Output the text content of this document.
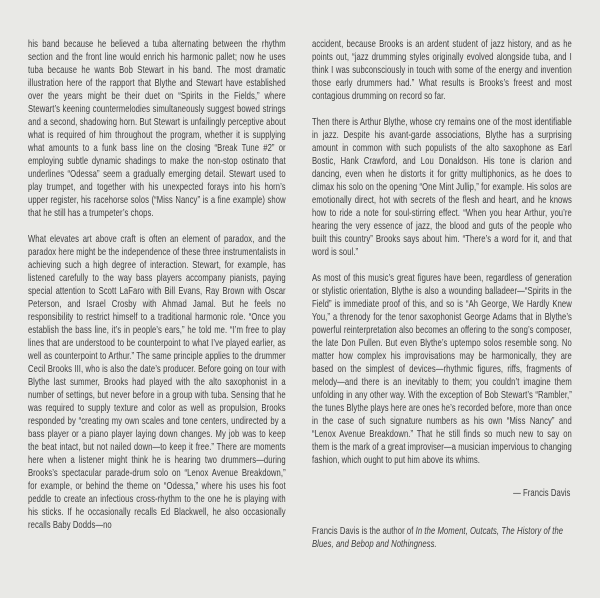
his band because he believed a tuba alternating between the rhythm section and the front line would enrich his harmonic pallet; now he uses tuba because he wants Bob Stewart in his band. The most dramatic illustration here of the rapport that Blythe and Stewart have established over the years might be their duet on “Spirits in the Fields,” where Stewart’s keening countermelodies simultaneously suggest bowed strings and a second, shadowing horn. But Stewart is unfailingly perceptive about what is required of him throughout the program, whether it is supplying what amounts to a funk bass line on the closing “Break Tune #2” or employing subtle dynamic shadings to make the non-stop ostinato that underlines “Odessa” seem a gradually emerging detail. Stewart used to play trumpet, and together with his unexpected forays into his horn’s upper register, his racehorse solos (“Miss Nancy” is a fine example) show that he still has a trumpeter’s chops.

What elevates art above craft is often an element of paradox, and the paradox here might be the independence of these three instrumentalists in achieving such a high degree of interaction. Stewart, for example, has listened carefully to the way bass players accompany pianists, paying special attention to Scott LaFaro with Bill Evans, Ray Brown with Oscar Peterson, and Israel Crosby with Ahmad Jamal. But he feels no responsibility to restrict himself to a traditional harmonic role. “Once you establish the bass line, it’s in people’s ears,” he told me. “I’m free to play lines that are understood to be counterpoint to what I’ve played earlier, as well as counterpoint to Arthur.” The same principle applies to the drummer Cecil Brooks III, who is also the date’s producer. Before going on tour with Blythe last summer, Brooks had played with the alto saxophonist in a number of settings, but never before in a group with tuba. Sensing that he was required to supply texture and color as well as propulsion, Brooks responded by “creating my own scales and tone centers, undirected by a bass player or a piano player laying down changes. My job was to keep the beat intact, but not nailed down—to keep it free.” There are moments here when a listener might think he is hearing two drummers—during Brooks’s spectacular parade-drum solo on “Lenox Avenue Breakdown,” for example, or behind the theme on “Odessa,” where his uses his foot peddle to create an infectious cross-rhythm to the one he is playing with his sticks. If he occasionally recalls Ed Blackwell, he also occasionally recalls Baby Dodds—no

accident, because Brooks is an ardent student of jazz history, and as he points out, “jazz drumming styles originally evolved alongside tuba, and I think I was subconsciously in touch with some of the energy and invention those early drummers had.” What results is Brooks’s freest and most contagious drumming on record so far.

Then there is Arthur Blythe, whose cry remains one of the most identifiable in jazz. Despite his avant-garde associations, Blythe has a surprising amount in common with such populists of the alto saxophone as Earl Bostic, Hank Crawford, and Lou Donaldson. His tone is clarion and dancing, even when he distorts it for gritty multiphonics, as he does to climax his solo on the opening “One Mint Jullip,” for example. His solos are emotionally direct, hot with secrets of the flesh and heart, and he knows how to ride a note for soul-stirring effect. “When you hear Arthur, you’re hearing the very essence of jazz, the blood and guts of the people who built this country” Brooks says about him. “There’s a word for it, and that word is soul.”

As most of this music’s great figures have been, regardless of generation or stylistic orientation, Blythe is also a wounding balladeer—“Spirits in the Field” is immediate proof of this, and so is “Ah George, We Hardly Knew You,” a threnody for the tenor saxophonist George Adams that in Blythe’s powerful reinterpretation also becomes an offering to the song’s composer, the late Don Pullen. But even Blythe’s uptempo solos resemble song. No matter how complex his improvisations may be harmonically, they are based on the simplest of devices—rhythmic figures, riffs, fragments of melody—and there is an inevitably to them; you couldn’t imagine them unfolding in any other way. With the exception of Bob Stewart’s “Rambler,” the tunes Blythe plays here are ones he’s recorded before, more than once in the case of such signature numbers as his own “Miss Nancy” and “Lenox Avenue Breakdown.” That he still finds so much new to say on them is the mark of a great improviser—a musician impervious to changing fashion, which ought to put him above its whims.

— Francis Davis

Francis Davis is the author of In the Moment, Outcats, The History of the Blues, and Bebop and Nothingness.
